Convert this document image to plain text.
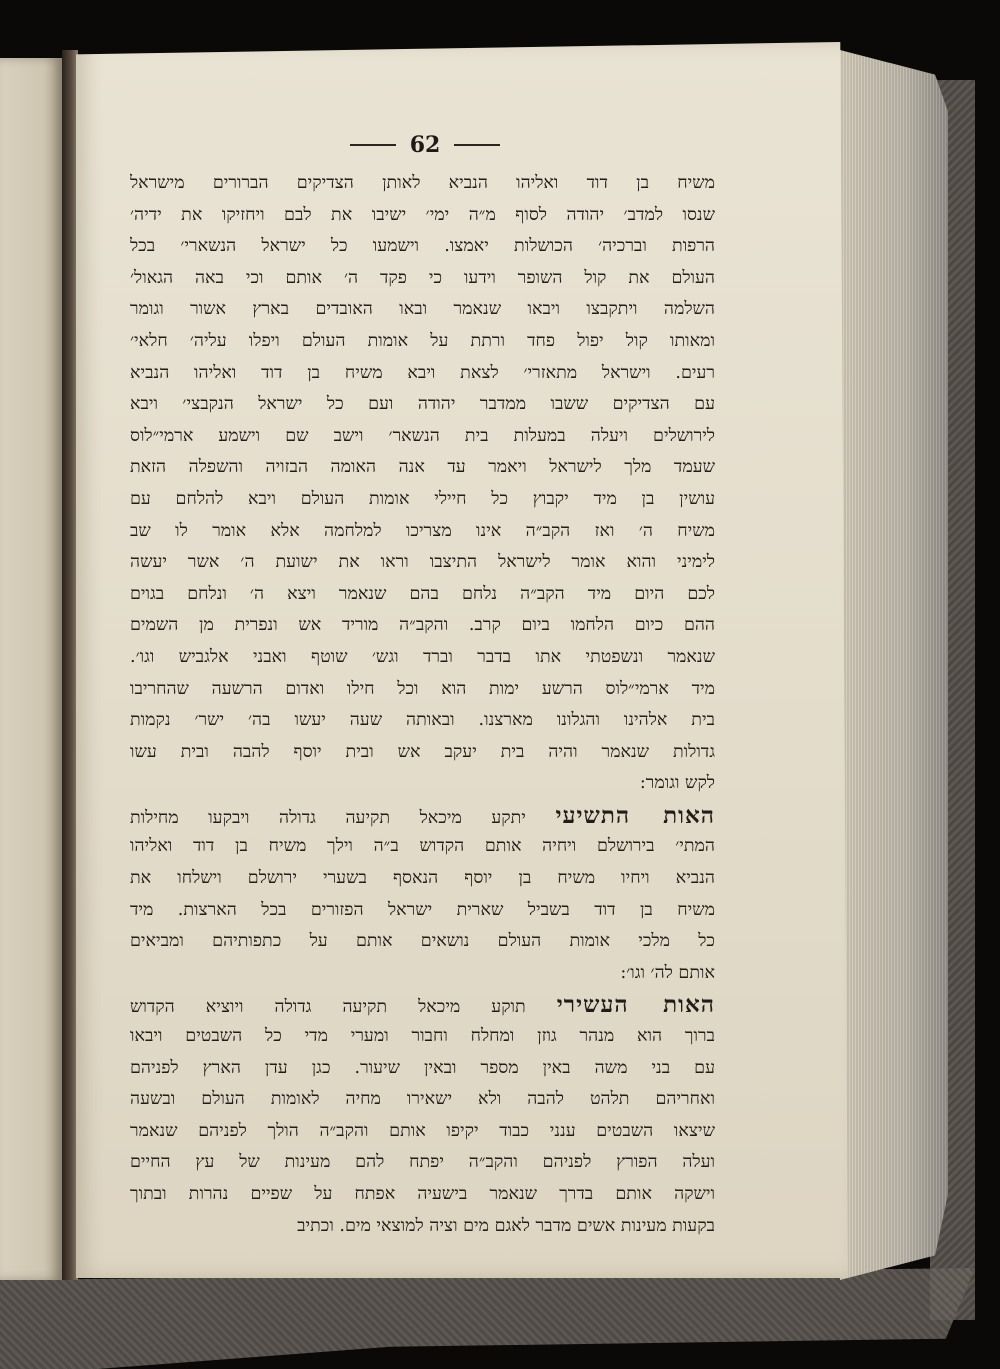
62
משיח בן דוד ואליהו הנביא לאותן הצדיקים הברורים מישראל
שנסו למדב׳ יהודה לסוף מ״ה ימי׳ ישיבו את לבם ויחזיקו את ידיה׳
הרפות וברכיה׳ הכושלות יאמצו. וישמעו כל ישראל הנשארי׳ בכל
העולם את קול השופר וידעו כי פקד ה׳ אותם וכי באה הגאול׳
השלמה ויתקבצו ויבאו שנאמר ובאו האובדים בארץ אשור וגומר
ומאותו קול יפול פחד ורתת על אומות העולם ויפלו עליה׳ חלאי׳
רעים. וישראל מתאזרי׳ לצאת ויבא משיח בן דוד ואליהו הנביא
עם הצדיקים ששבו ממדבר יהודה ועם כל ישראל הנקבצי׳ ויבא
לירושלים ויעלה במעלות בית הנשאר׳ וישב שם וישמע ארמי״לוס
שעמד מלך לישראל ויאמר עד אנה האומה הבזויה והשפלה הזאת
עושין בן מיד יקבוץ כל חיילי אומות העולם ויבא להלחם עם
משיח ה׳ ואז הקב״ה אינו מצריכו למלחמה אלא אומר לו שב
לימיני והוא אומר לישראל התיצבו וראו את ישועת ה׳ אשר יעשה
לכם היום מיד הקב״ה נלחם בהם שנאמר ויצא ה׳ ונלחם בגוים
ההם כיום הלחמו ביום קרב. והקב״ה מוריד אש ונפרית מן השמים
שנאמר ונשפטתי אתו בדבר וברד וגש׳ שוטף ואבני אלגביש וגו׳.
מיד ארמי״לוס הרשע ימות הוא וכל חילו ואדום הרשעה שהחריבו
בית אלהינו והגלונו מארצנו. ובאותה שעה יעשו בה׳ ישר׳ נקמות
גדולות שנאמר והיה בית יעקב אש ובית יוסף להבה ובית עשו
לקש וגומר:
האות התשיעי יתקע מיכאל תקיעה גדולה ויבקעו מחילות
המתי׳ בירושלם ויחיה אותם הקדוש ב״ה וילך משיח בן דוד ואליהו
הנביא ויחיו משיח בן יוסף הנאסף בשערי ירושלם וישלחו את
משיח בן דוד בשביל שארית ישראל הפזורים בכל הארצות. מיד
כל מלכי אומות העולם נושאים אותם על כתפותיהם ומביאים
אותם לה׳ וגו׳:
האות העשירי תוקע מיכאל תקיעה גדולה ויוציא הקדוש
ברוך הוא מנהר גוזן ומחלח וחבור ומערי מדי כל השבטים ויבאו
עם בני משה באין מספר ובאין שיעור. כגן עדן הארץ לפניהם
ואחריהם תלהט להבה ולא ישאירו מחיה לאומות העולם ובשעה
שיצאו השבטים ענני כבוד יקיפו אותם והקב״ה הולך לפניהם שנאמר
ועלה הפורץ לפניהם והקב״ה יפתח להם מעינות של עץ החיים
וישקה אותם בדרך שנאמר בישעיה אפתח על שפיים נהרות ובתוך
בקעות מעינות אשים מדבר לאגם מים וציה למוצאי מים. וכתיב
